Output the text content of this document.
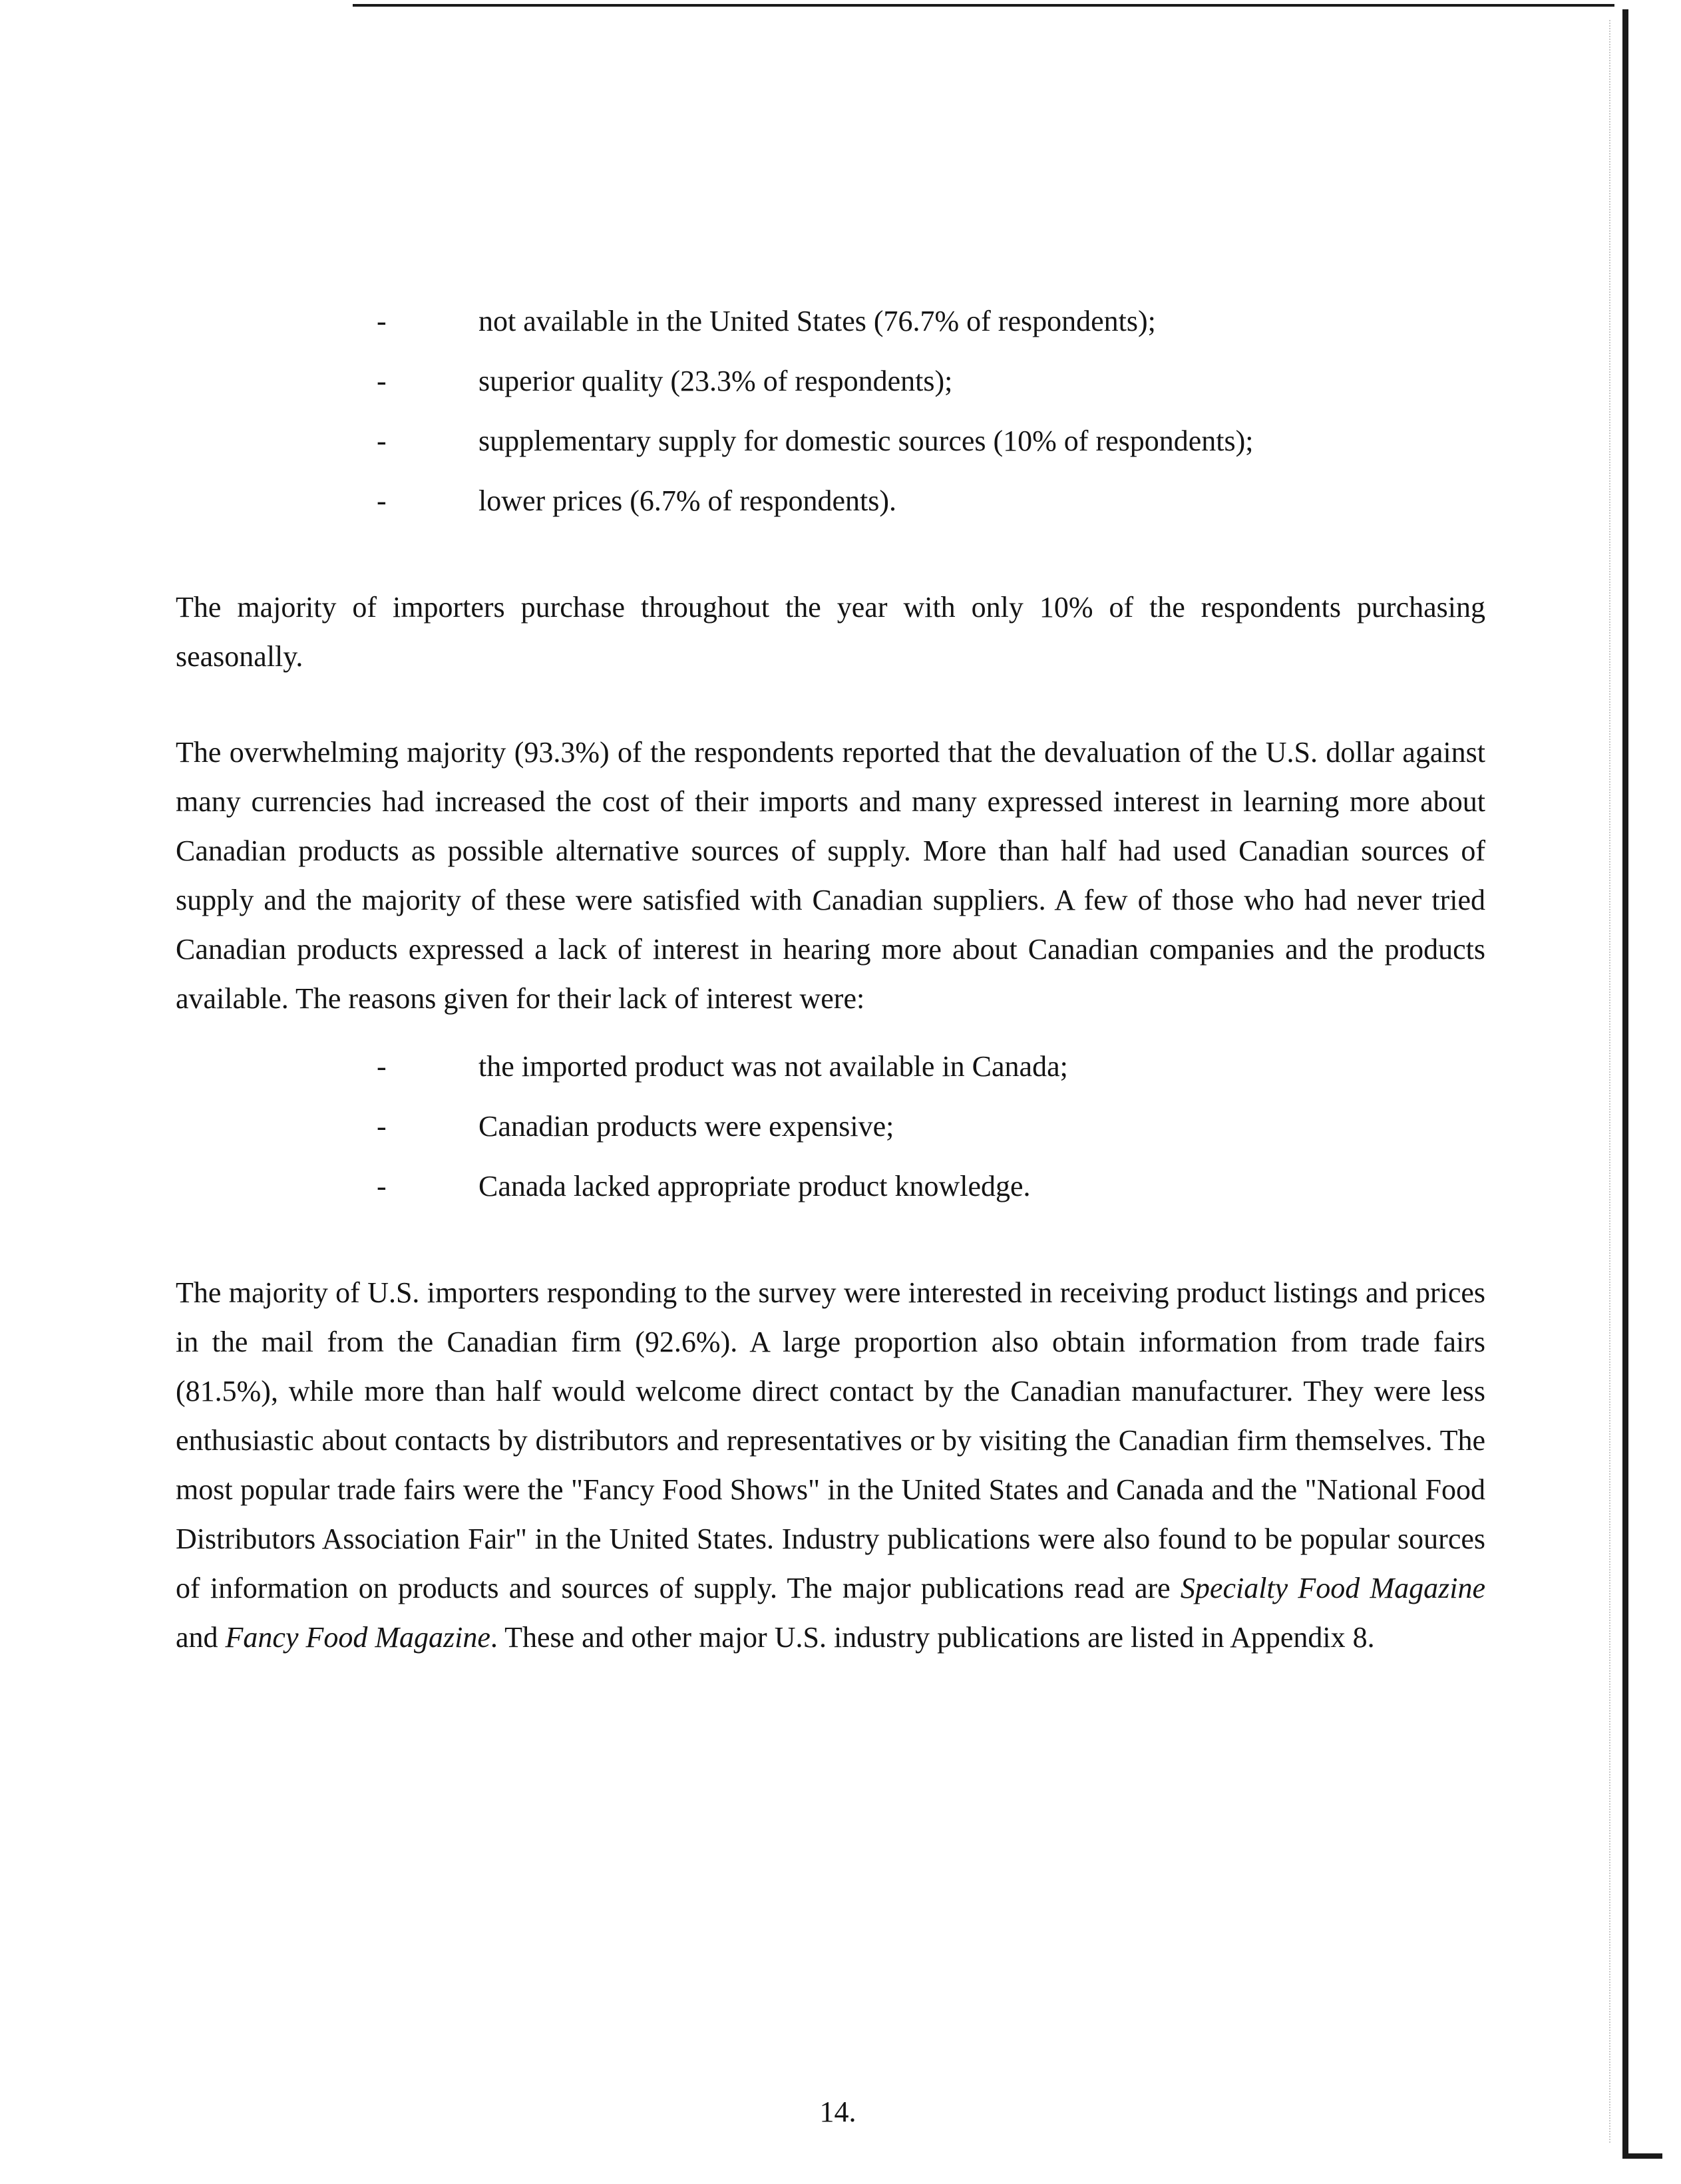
-	not available in the United States (76.7% of respondents);
-	superior quality (23.3% of respondents);
-	supplementary supply for domestic sources (10% of respondents);
-	lower prices (6.7% of respondents).

The majority of importers purchase throughout the year with only 10% of the respondents purchasing seasonally.

The overwhelming majority (93.3%) of the respondents reported that the devaluation of the U.S. dollar against many currencies had increased the cost of their imports and many expressed interest in learning more about Canadian products as possible alternative sources of supply. More than half had used Canadian sources of supply and the majority of these were satisfied with Canadian suppliers. A few of those who had never tried Canadian products expressed a lack of interest in hearing more about Canadian companies and the products available. The reasons given for their lack of interest were:

-	the imported product was not available in Canada;
-	Canadian products were expensive;
-	Canada lacked appropriate product knowledge.

The majority of U.S. importers responding to the survey were interested in receiving product listings and prices in the mail from the Canadian firm (92.6%). A large proportion also obtain information from trade fairs (81.5%), while more than half would welcome direct contact by the Canadian manufacturer. They were less enthusiastic about contacts by distributors and representatives or by visiting the Canadian firm themselves. The most popular trade fairs were the "Fancy Food Shows" in the United States and Canada and the "National Food Distributors Association Fair" in the United States. Industry publications were also found to be popular sources of information on products and sources of supply. The major publications read are Specialty Food Magazine and Fancy Food Magazine. These and other major U.S. industry publications are listed in Appendix 8.

14.
